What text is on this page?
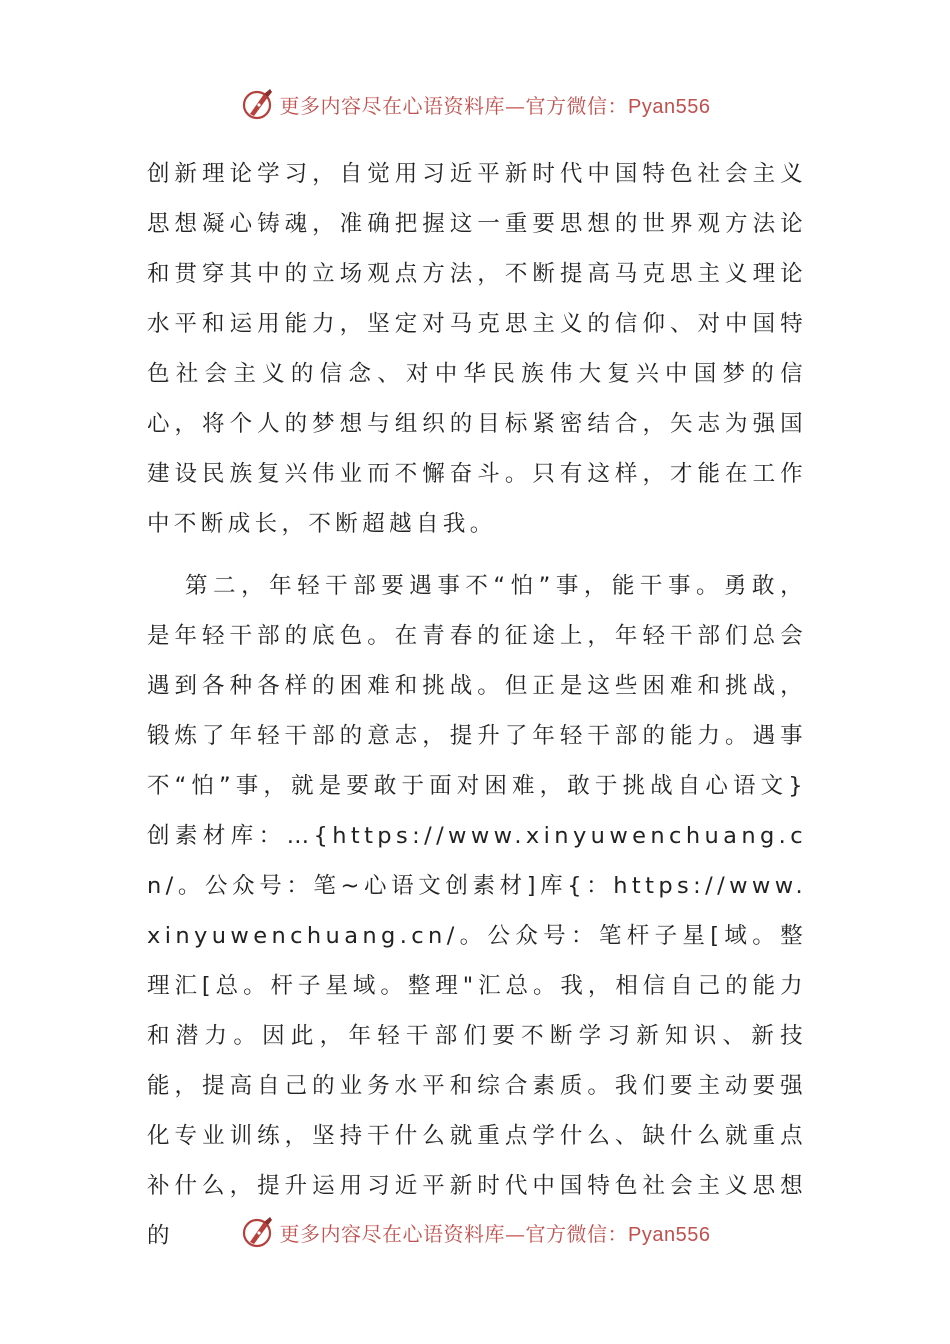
更多内容尽在心语资料库—官方微信：Pyan556

创新理论学习，自觉用习近平新时代中国特色社会主义思想凝心铸魂，准确把握这一重要思想的世界观方法论和贯穿其中的立场观点方法，不断提高马克思主义理论水平和运用能力，坚定对马克思主义的信仰、对中国特色社会主义的信念、对中华民族伟大复兴中国梦的信心，将个人的梦想与组织的目标紧密结合，矢志为强国建设民族复兴伟业而不懈奋斗。只有这样，才能在工作中不断成长，不断超越自我。

第二，年轻干部要遇事不“怕”事，能干事。勇敢，是年轻干部的底色。在青春的征途上，年轻干部们总会遇到各种各样的困难和挑战。但正是这些困难和挑战，锻炼了年轻干部的意志，提升了年轻干部的能力。遇事不“怕”事，就是要敢于面对困难，敢于挑战自心语文}创素材库：…{https://www.xinyuwenchuang.cn/。公众号：笔~心语文创素材]库{：https://www.xinyuwenchuang.cn/。公众号：笔杆子星[域。整理汇[总。杆子星域。整理"汇总。我，相信自己的能力和潜力。因此，年轻干部们要不断学习新知识、新技能，提高自己的业务水平和综合素质。我们要主动要强化专业训练，坚持干什么就重点学什么、缺什么就重点补什么，提升运用习近平新时代中国特色社会主义思想的	更多内容尽在心语资料库—官方微信：Pyan556
